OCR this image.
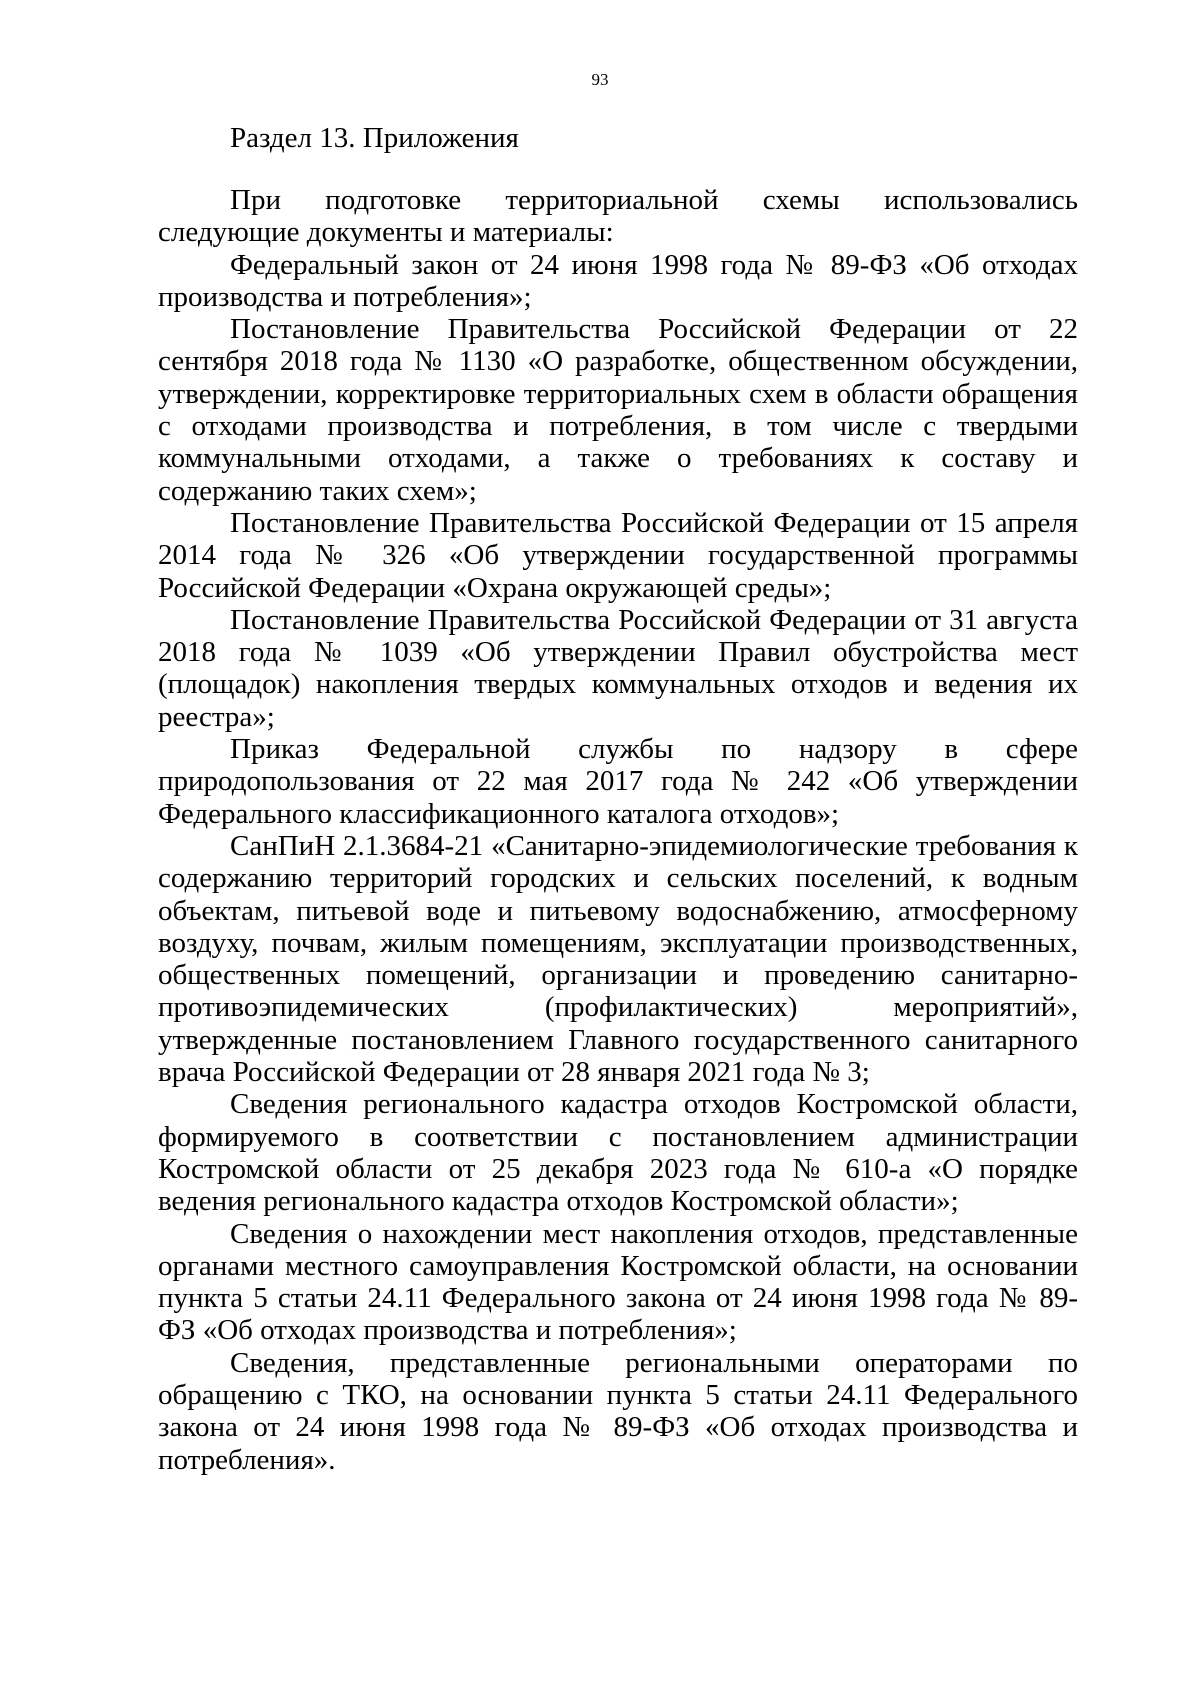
93
Раздел 13. Приложения

При подготовке территориальной схемы использовались следующие документы и материалы:

Федеральный закон от 24 июня 1998 года № 89-ФЗ «Об отходах производства и потребления»;

Постановление Правительства Российской Федерации от 22 сентября 2018 года № 1130 «О разработке, общественном обсуждении, утверждении, корректировке территориальных схем в области обращения с отходами производства и потребления, в том числе с твердыми коммунальными отходами, а также о требованиях к составу и содержанию таких схем»;

Постановление Правительства Российской Федерации от 15 апреля 2014 года № 326 «Об утверждении государственной программы Российской Федерации «Охрана окружающей среды»;

Постановление Правительства Российской Федерации от 31 августа 2018 года № 1039 «Об утверждении Правил обустройства мест (площадок) накопления твердых коммунальных отходов и ведения их реестра»;

Приказ Федеральной службы по надзору в сфере природопользования от 22 мая 2017 года № 242 «Об утверждении Федерального классификационного каталога отходов»;

СанПиН 2.1.3684-21 «Санитарно-эпидемиологические требования к содержанию территорий городских и сельских поселений, к водным объектам, питьевой воде и питьевому водоснабжению, атмосферному воздуху, почвам, жилым помещениям, эксплуатации производственных, общественных помещений, организации и проведению санитарно-противоэпидемических (профилактических) мероприятий», утвержденные постановлением Главного государственного санитарного врача Российской Федерации от 28 января 2021 года № 3;

Сведения регионального кадастра отходов Костромской области, формируемого в соответствии с постановлением администрации Костромской области от 25 декабря 2023 года № 610-а «О порядке ведения регионального кадастра отходов Костромской области»;

Сведения о нахождении мест накопления отходов, представленные органами местного самоуправления Костромской области, на основании пункта 5 статьи 24.11 Федерального закона от 24 июня 1998 года № 89-ФЗ «Об отходах производства и потребления»;

Сведения, представленные региональными операторами по обращению с ТКО, на основании пункта 5 статьи 24.11 Федерального закона от 24 июня 1998 года № 89-ФЗ «Об отходах производства и потребления».
